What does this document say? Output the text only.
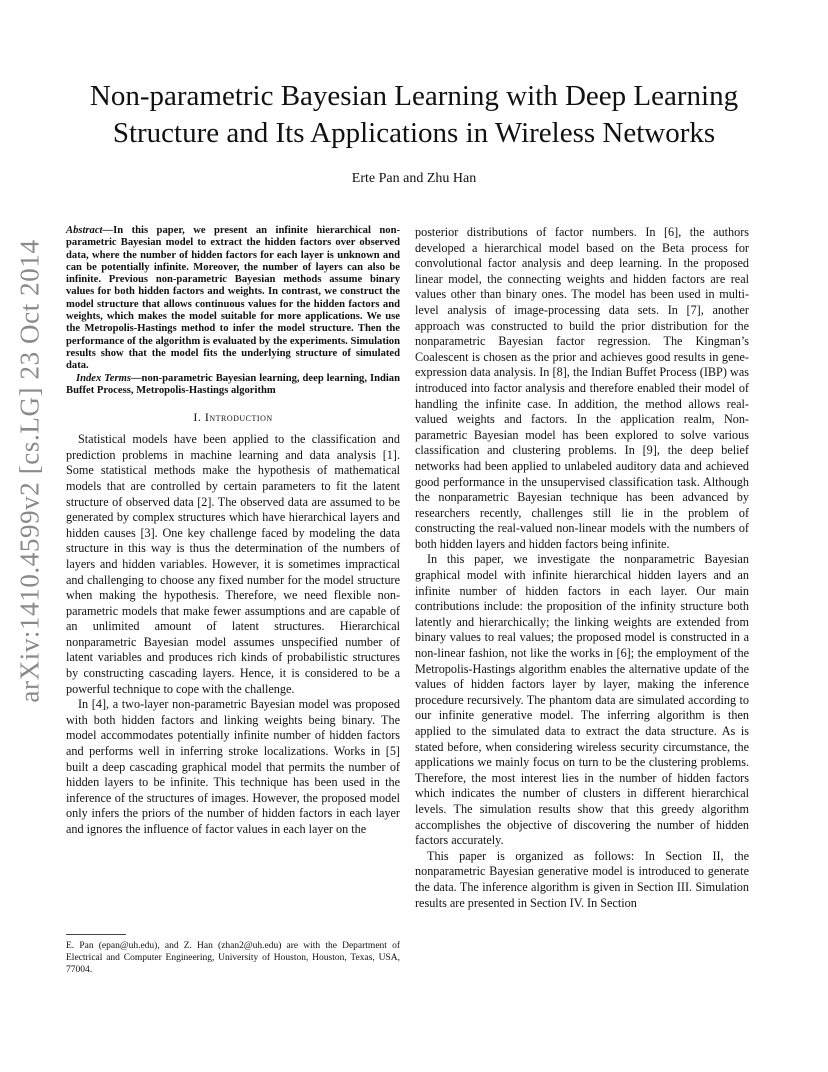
arXiv:1410.4599v2 [cs.LG] 23 Oct 2014
Non-parametric Bayesian Learning with Deep Learning
Structure and Its Applications in Wireless Networks
Erte Pan and Zhu Han

Abstract—In this paper, we present an infinite hierarchical non-parametric Bayesian model to extract the hidden factors over observed data, where the number of hidden factors for each layer is unknown and can be potentially infinite. Moreover, the number of layers can also be infinite. Previous non-parametric Bayesian methods assume binary values for both hidden factors and weights. In contrast, we construct the model structure that allows continuous values for the hidden factors and weights, which makes the model suitable for more applications. We use the Metropolis-Hastings method to infer the model structure. Then the performance of the algorithm is evaluated by the experiments. Simulation results show that the model fits the underlying structure of simulated data.

Index Terms—non-parametric Bayesian learning, deep learning, Indian Buffet Process, Metropolis-Hastings algorithm

I. Introduction

Statistical models have been applied to the classification and prediction problems in machine learning and data analysis [1]. Some statistical methods make the hypothesis of mathematical models that are controlled by certain parameters to fit the latent structure of observed data [2]. The observed data are assumed to be generated by complex structures which have hierarchical layers and hidden causes [3]. One key challenge faced by modeling the data structure in this way is thus the determination of the numbers of layers and hidden variables. However, it is sometimes impractical and challenging to choose any fixed number for the model structure when making the hypothesis. Therefore, we need flexible non-parametric models that make fewer assumptions and are capable of an unlimited amount of latent structures. Hierarchical nonparametric Bayesian model assumes unspecified number of latent variables and produces rich kinds of probabilistic structures by constructing cascading layers. Hence, it is considered to be a powerful technique to cope with the challenge.

In [4], a two-layer non-parametric Bayesian model was proposed with both hidden factors and linking weights being binary. The model accommodates potentially infinite number of hidden factors and performs well in inferring stroke localizations. Works in [5] built a deep cascading graphical model that permits the number of hidden layers to be infinite. This technique has been used in the inference of the structures of images. However, the proposed model only infers the priors of the number of hidden factors in each layer and ignores the influence of factor values in each layer on the

E. Pan (epan@uh.edu), and Z. Han (zhan2@uh.edu) are with the Department of Electrical and Computer Engineering, University of Houston, Houston, Texas, USA, 77004.

posterior distributions of factor numbers. In [6], the authors developed a hierarchical model based on the Beta process for convolutional factor analysis and deep learning. In the proposed linear model, the connecting weights and hidden factors are real values other than binary ones. The model has been used in multi-level analysis of image-processing data sets. In [7], another approach was constructed to build the prior distribution for the nonparametric Bayesian factor regression. The Kingman’s Coalescent is chosen as the prior and achieves good results in gene-expression data analysis. In [8], the Indian Buffet Process (IBP) was introduced into factor analysis and therefore enabled their model of handling the infinite case. In addition, the method allows real-valued weights and factors. In the application realm, Non-parametric Bayesian model has been explored to solve various classification and clustering problems. In [9], the deep belief networks had been applied to unlabeled auditory data and achieved good performance in the unsupervised classification task. Although the nonparametric Bayesian technique has been advanced by researchers recently, challenges still lie in the problem of constructing the real-valued non-linear models with the numbers of both hidden layers and hidden factors being infinite.

In this paper, we investigate the nonparametric Bayesian graphical model with infinite hierarchical hidden layers and an infinite number of hidden factors in each layer. Our main contributions include: the proposition of the infinity structure both latently and hierarchically; the linking weights are extended from binary values to real values; the proposed model is constructed in a non-linear fashion, not like the works in [6]; the employment of the Metropolis-Hastings algorithm enables the alternative update of the values of hidden factors layer by layer, making the inference procedure recursively. The phantom data are simulated according to our infinite generative model. The inferring algorithm is then applied to the simulated data to extract the data structure. As is stated before, when considering wireless security circumstance, the applications we mainly focus on turn to be the clustering problems. Therefore, the most interest lies in the number of hidden factors which indicates the number of clusters in different hierarchical levels. The simulation results show that this greedy algorithm accomplishes the objective of discovering the number of hidden factors accurately.

This paper is organized as follows: In Section II, the nonparametric Bayesian generative model is introduced to generate the data. The inference algorithm is given in Section III. Simulation results are presented in Section IV. In Section
